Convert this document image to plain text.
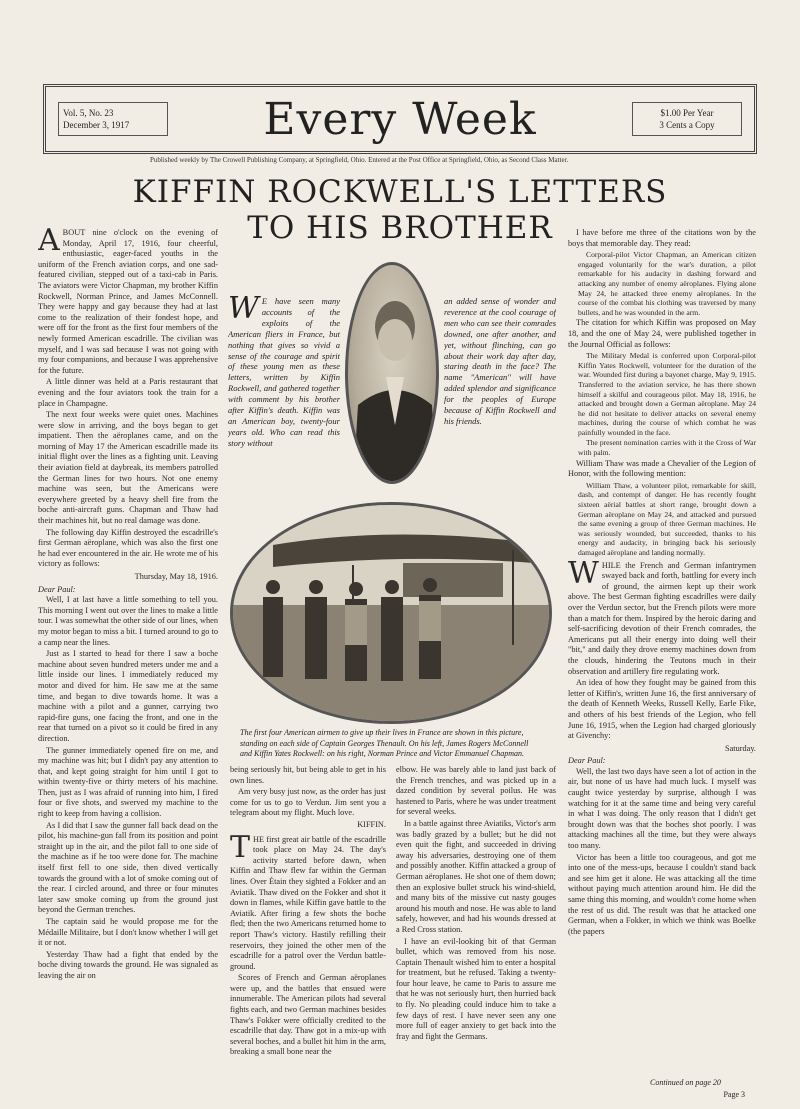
Vol. 5, No. 23
December 3, 1917	Every Week	$1.00 Per Year
3 Cents a Copy
Published weekly by The Crowell Publishing Company, at Springfield, Ohio. Entered at the Post Office at Springfield, Ohio, as Second Class Matter.
KIFFIN ROCKWELL'S LETTERS
TO HIS BROTHER

ABOUT nine o'clock on the evening of Monday, April 17, 1916, four cheerful, enthusiastic, eager-faced youths in the uniform of the French aviation corps, and one sad-featured civilian, stepped out of a taxi-cab in Paris. The aviators were Victor Chapman, my brother Kiffin Rockwell, Norman Prince, and James McConnell. They were happy and gay because they had at last come to the realization of their fondest hope, and were off for the front as the first four members of the newly formed American escadrille. The civilian was myself, and I was sad because I was not going with my four companions, and because I was apprehensive for the future.

A little dinner was held at a Paris restaurant that evening and the four aviators took the train for a place in Champagne.

The next four weeks were quiet ones. Machines were slow in arriving, and the boys began to get impatient. Then the aëroplanes came, and on the morning of May 17 the American escadrille made its initial flight over the lines as a fighting unit. Leaving their aviation field at daybreak, its members patrolled the German lines for two hours. Not one enemy machine was seen, but the Americans were everywhere greeted by a heavy shell fire from the boche anti-aircraft guns. Chapman and Thaw had their machines hit, but no real damage was done.

The following day Kiffin destroyed the escadrille's first German aëroplane, which was also the first one he had ever encountered in the air. He wrote me of his victory as follows:

Thursday, May 18, 1916.
Dear Paul:

Well, I at last have a little something to tell you. This morning I went out over the lines to make a little tour. I was somewhat the other side of our lines, when my motor began to miss a bit. I turned around to go to a camp near the lines.

Just as I started to head for there I saw a boche machine about seven hundred meters under me and a little inside our lines. I immediately reduced my motor and dived for him. He saw me at the same time, and began to dive towards home. It was a machine with a pilot and a gunner, carrying two rapid-fire guns, one facing the front, and one in the rear that turned on a pivot so it could be fired in any direction.

The gunner immediately opened fire on me, and my machine was hit; but I didn't pay any attention to that, and kept going straight for him until I got to within twenty-five or thirty meters of his machine. Then, just as I was afraid of running into him, I fired four or five shots, and swerved my machine to the right to keep from having a collision.

As I did that I saw the gunner fall back dead on the pilot, his machine-gun fall from its position and point straight up in the air, and the pilot fall to one side of the machine as if he too were done for. The machine itself first fell to one side, then dived vertically towards the ground with a lot of smoke coming out of the rear. I circled around, and three or four minutes later saw smoke coming up from the ground just beyond the German trenches.

The captain said he would propose me for the Médaille Militaire, but I don't know whether I will get it or not.

Yesterday Thaw had a fight that ended by the boche diving towards the ground. He was signaled as leaving the air on

W E have seen many accounts of the exploits of the American fliers in France, but nothing that gives so vivid a sense of the courage and spirit of these young men as these letters, written by Kiffin Rockwell, and gathered together with comment by his brother after Kiffin's death. Kiffin was an American boy, twenty-four years old. Who can read this story without
an added sense of wonder and reverence at the cool courage of men who can see their comrades downed, one after another, and yet, without flinching, can go about their work day after day, staring death in the face? The name "American" will have added splendor and significance for the peoples of Europe because of Kiffin Rockwell and his friends.
The first four American airmen to give up their lives in France are shown in this picture, standing on each side of Captain Georges Thenault. On his left, James Rogers McConnell and Kiffin Yates Rockwell: on his right, Norman Prince and Victor Emmanuel Chapman.

being seriously hit, but being able to get in his own lines.

Am very busy just now, as the order has just come for us to go to Verdun. Jim sent you a telegram about my flight. Much love.

KIFFIN.

THE first great air battle of the escadrille took place on May 24. The day's activity started before dawn, when Kiffin and Thaw flew far within the German lines. Over Étain they sighted a Fokker and an Aviatik. Thaw dived on the Fokker and shot it down in flames, while Kiffin gave battle to the Aviatik. After firing a few shots the boche fled; then the two Americans returned home to report Thaw's victory. Hastily refilling their reservoirs, they joined the other men of the escadrille for a patrol over the Verdun battle-ground.

Scores of French and German aëroplanes were up, and the battles that ensued were innumerable. The American pilots had several fights each, and two German machines besides Thaw's Fokker were officially credited to the escadrille that day. Thaw got in a mix-up with several boches, and a bullet hit him in the arm, breaking a small bone near the

elbow. He was barely able to land just back of the French trenches, and was picked up in a dazed condition by several poilus. He was hastened to Paris, where he was under treatment for several weeks.

In a battle against three Aviatiks, Victor's arm was badly grazed by a bullet; but he did not even quit the fight, and succeeded in driving away his adversaries, destroying one of them and possibly another. Kiffin attacked a group of German aëroplanes. He shot one of them down; then an explosive bullet struck his wind-shield, and many bits of the missive cut nasty gouges around his mouth and nose. He was able to land safely, however, and had his wounds dressed at a Red Cross station.

I have an evil-looking bit of that German bullet, which was removed from his nose. Captain Thenault wished him to enter a hospital for treatment, but he refused. Taking a twenty-four hour leave, he came to Paris to assure me that he was not seriously hurt, then hurried back to fly. No pleading could induce him to take a few days of rest. I have never seen any one more full of eager anxiety to get back into the fray and fight the Germans.

I have before me three of the citations won by the boys that memorable day. They read:

Corporal-pilot Victor Chapman, an American citizen engaged voluntarily for the war's duration, a pilot remarkable for his audacity in dashing forward and attacking any number of enemy aëroplanes. Flying alone May 24, he attacked three enemy aëroplanes. In the course of the combat his clothing was traversed by many bullets, and he was wounded in the arm.

The citation for which Kiffin was proposed on May 18, and the one of May 24, were published together in the Journal Official as follows:

The Military Medal is conferred upon Corporal-pilot Kiffin Yates Rockwell, volunteer for the duration of the war. Wounded first during a bayonet charge, May 9, 1915. Transferred to the aviation service, he has there shown himself a skilful and courageous pilot. May 18, 1916, he attacked and brought down a German aëroplane. May 24 he did not hesitate to deliver attacks on several enemy machines, during the course of which combat he was painfully wounded in the face.

The present nomination carries with it the Cross of War with palm.

William Thaw was made a Chevalier of the Legion of Honor, with the following mention:

William Thaw, a volunteer pilot, remarkable for skill, dash, and contempt of danger. He has recently fought sixteen aërial battles at short range, brought down a German aëroplane on May 24, and attacked and pursued the same evening a group of three German machines. He was seriously wounded, but succeeded, thanks to his energy and audacity, in bringing back his seriously damaged aëroplane and landing normally.

WHILE the French and German infantrymen swayed back and forth, battling for every inch of ground, the airmen kept up their work above. The best German fighting escadrilles were daily over the Verdun sector, but the French pilots were more than a match for them. Inspired by the heroic daring and self-sacrificing devotion of their French comrades, the Americans put all their energy into doing well their "bit," and daily they drove enemy machines down from the clouds, hindering the Teutons much in their observation and artillery fire regulating work.

An idea of how they fought may be gained from this letter of Kiffin's, written June 16, the first anniversary of the death of Kenneth Weeks, Russell Kelly, Earle Fike, and others of his best friends of the Legion, who fell June 16, 1915, when the Legion had charged gloriously at Givenchy:

Saturday.
Dear Paul:

Well, the last two days have seen a lot of action in the air, but none of us have had much luck. I myself was caught twice yesterday by surprise, although I was watching for it at the same time and being very careful in what I was doing. The only reason that I didn't get brought down was that the boches shot poorly. I was attacking machines all the time, but they were always too many.

Victor has been a little too courageous, and got me into one of the mess-ups, because I couldn't stand back and see him get it alone. He was attacking all the time without paying much attention around him. He did the same thing this morning, and wouldn't come home when the rest of us did. The result was that he attacked one German, when a Fokker, in which we think was Boelke (the papers

Continued on page 20
Page 3
